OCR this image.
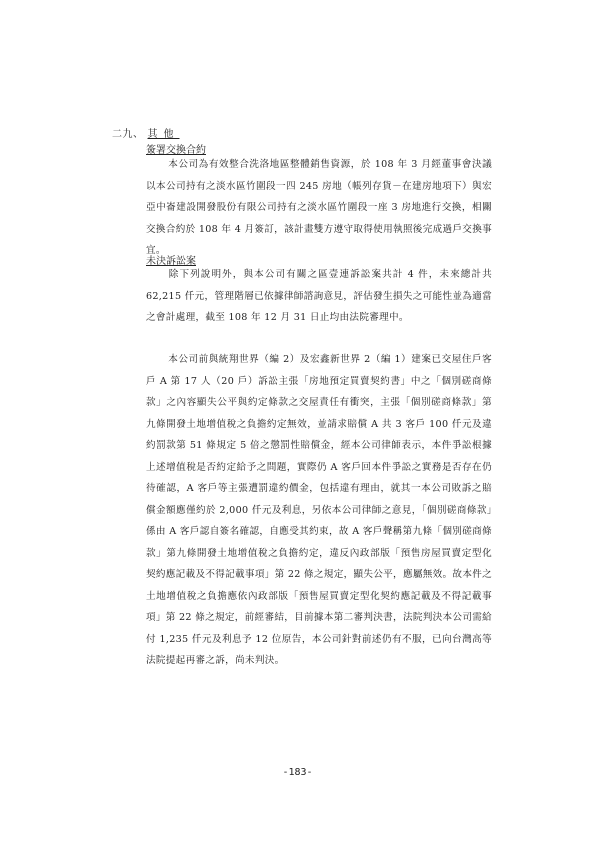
二九、 其他
簽署交換合約
本公司為有效整合洗洛地區整體銷售資源，於 108 年 3 月經董事會決議以本公司持有之淡水區竹圍段一四 245 房地（帳列存貨－在建房地項下）與宏亞中崙建設開發股份有限公司持有之淡水區竹圍段一座 3 房地進行交換，相關交換合約於 108 年 4 月簽訂，該計畫雙方遵守取得使用執照後完成過戶交換事宜。
未決訴訟案
除下列說明外，與本公司有關之區壹連訴訟案共計 4 件，未來總計共 62,215 仟元，管理階層已依據律師諮詢意見，評估發生損失之可能性並為適當之會計處理，截至 108 年 12 月 31 日止均由法院審理中。
本公司前與統翔世界（編 2）及宏鑫新世界 2（編 1）建案已交屋住戶客戶 A 第 17 人（20 戶）訴訟主張「房地預定買賣契約書」中之「個別磋商條款」之內容顯失公平與約定條款之交屋責任有衝突，主張「個別磋商條款」第九條開發土地增值稅之負擔約定無效，並請求賠償 A 共 3 客戶 100 仟元及違約罰款第 51 條規定 5 倍之懲罰性賠償金，經本公司律師表示，本件爭訟根據上述增值稅是否約定給予之問題，實際仍 A 客戶回本件爭訟之實務是否存在仍待確認，A 客戶等主張遭罰違約價金，包括違有理由，就其一本公司敗訴之賠償金額應僅約於 2,000 仟元及利息，另依本公司律師之意見，「個別磋商條款」係由 A 客戶認自簽名確認，自應受其約束，故 A 客戶聲稱第九條「個別磋商條款」第九條開發土地增值稅之負擔約定，違反內政部版「預售房屋買賣定型化契約應記載及不得記載事項」第 22 條之規定，顯失公平，應屬無效。故本件之土地增值稅之負擔應依內政部版「預售屋買賣定型化契約應記載及不得記載事項」第 22 條之規定，前經審結，目前據本第二審判決書，法院判決本公司需給付 1,235 仟元及利息予 12 位原告，本公司針對前述仍有不服，已向台灣高等法院提起再審之訴，尚未判決。
-183-
